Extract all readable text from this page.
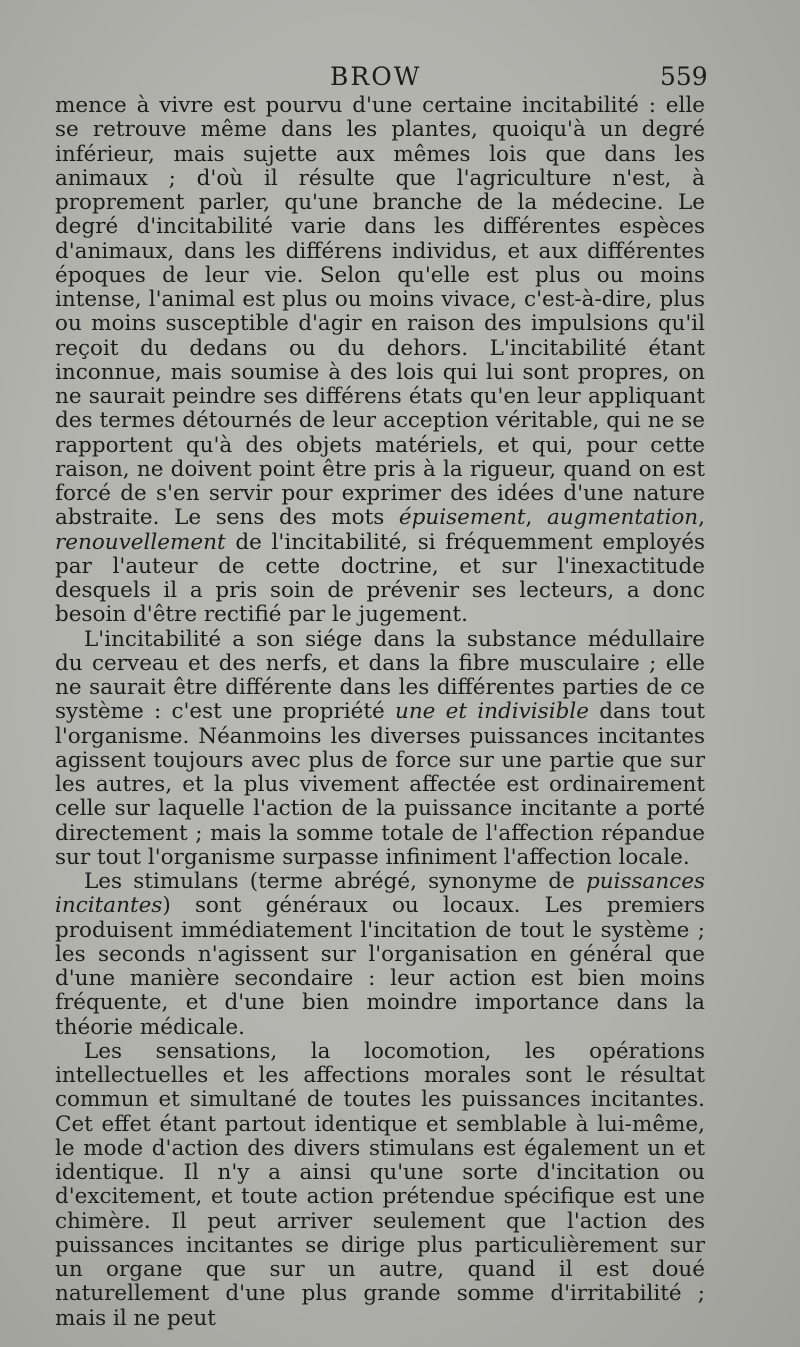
BROW	559

mence à vivre est pourvu d'une certaine incitabilité : elle se retrouve même dans les plantes, quoiqu'à un degré inférieur, mais sujette aux mêmes lois que dans les animaux ; d'où il résulte que l'agriculture n'est, à proprement parler, qu'une branche de la médecine. Le degré d'incitabilité varie dans les différentes espèces d'animaux, dans les différens individus, et aux différentes époques de leur vie. Selon qu'elle est plus ou moins intense, l'animal est plus ou moins vivace, c'est-à-dire, plus ou moins susceptible d'agir en raison des impulsions qu'il reçoit du dedans ou du dehors. L'incitabilité étant inconnue, mais soumise à des lois qui lui sont propres, on ne saurait peindre ses différens états qu'en leur appliquant des termes détournés de leur acception véritable, qui ne se rapportent qu'à des objets matériels, et qui, pour cette raison, ne doivent point être pris à la rigueur, quand on est forcé de s'en servir pour exprimer des idées d'une nature abstraite. Le sens des mots épuisement, augmentation, renouvellement de l'incitabilité, si fréquemment employés par l'auteur de cette doctrine, et sur l'inexactitude desquels il a pris soin de prévenir ses lecteurs, a donc besoin d'être rectifié par le jugement.

L'incitabilité a son siége dans la substance médullaire du cerveau et des nerfs, et dans la fibre musculaire ; elle ne saurait être différente dans les différentes parties de ce système : c'est une propriété une et indivisible dans tout l'organisme. Néanmoins les diverses puissances incitantes agissent toujours avec plus de force sur une partie que sur les autres, et la plus vivement affectée est ordinairement celle sur laquelle l'action de la puissance incitante a porté directement ; mais la somme totale de l'affection répandue sur tout l'organisme surpasse infiniment l'affection locale.

Les stimulans (terme abrégé, synonyme de puissances incitantes) sont généraux ou locaux. Les premiers produisent immédiatement l'incitation de tout le système ; les seconds n'agissent sur l'organisation en général que d'une manière secondaire : leur action est bien moins fréquente, et d'une bien moindre importance dans la théorie médicale.

Les sensations, la locomotion, les opérations intellectuelles et les affections morales sont le résultat commun et simultané de toutes les puissances incitantes. Cet effet étant partout identique et semblable à lui-même, le mode d'action des divers stimulans est également un et identique. Il n'y a ainsi qu'une sorte d'incitation ou d'excitement, et toute action prétendue spécifique est une chimère. Il peut arriver seulement que l'action des puissances incitantes se dirige plus particulièrement sur un organe que sur un autre, quand il est doué naturellement d'une plus grande somme d'irritabilité ; mais il ne peut
